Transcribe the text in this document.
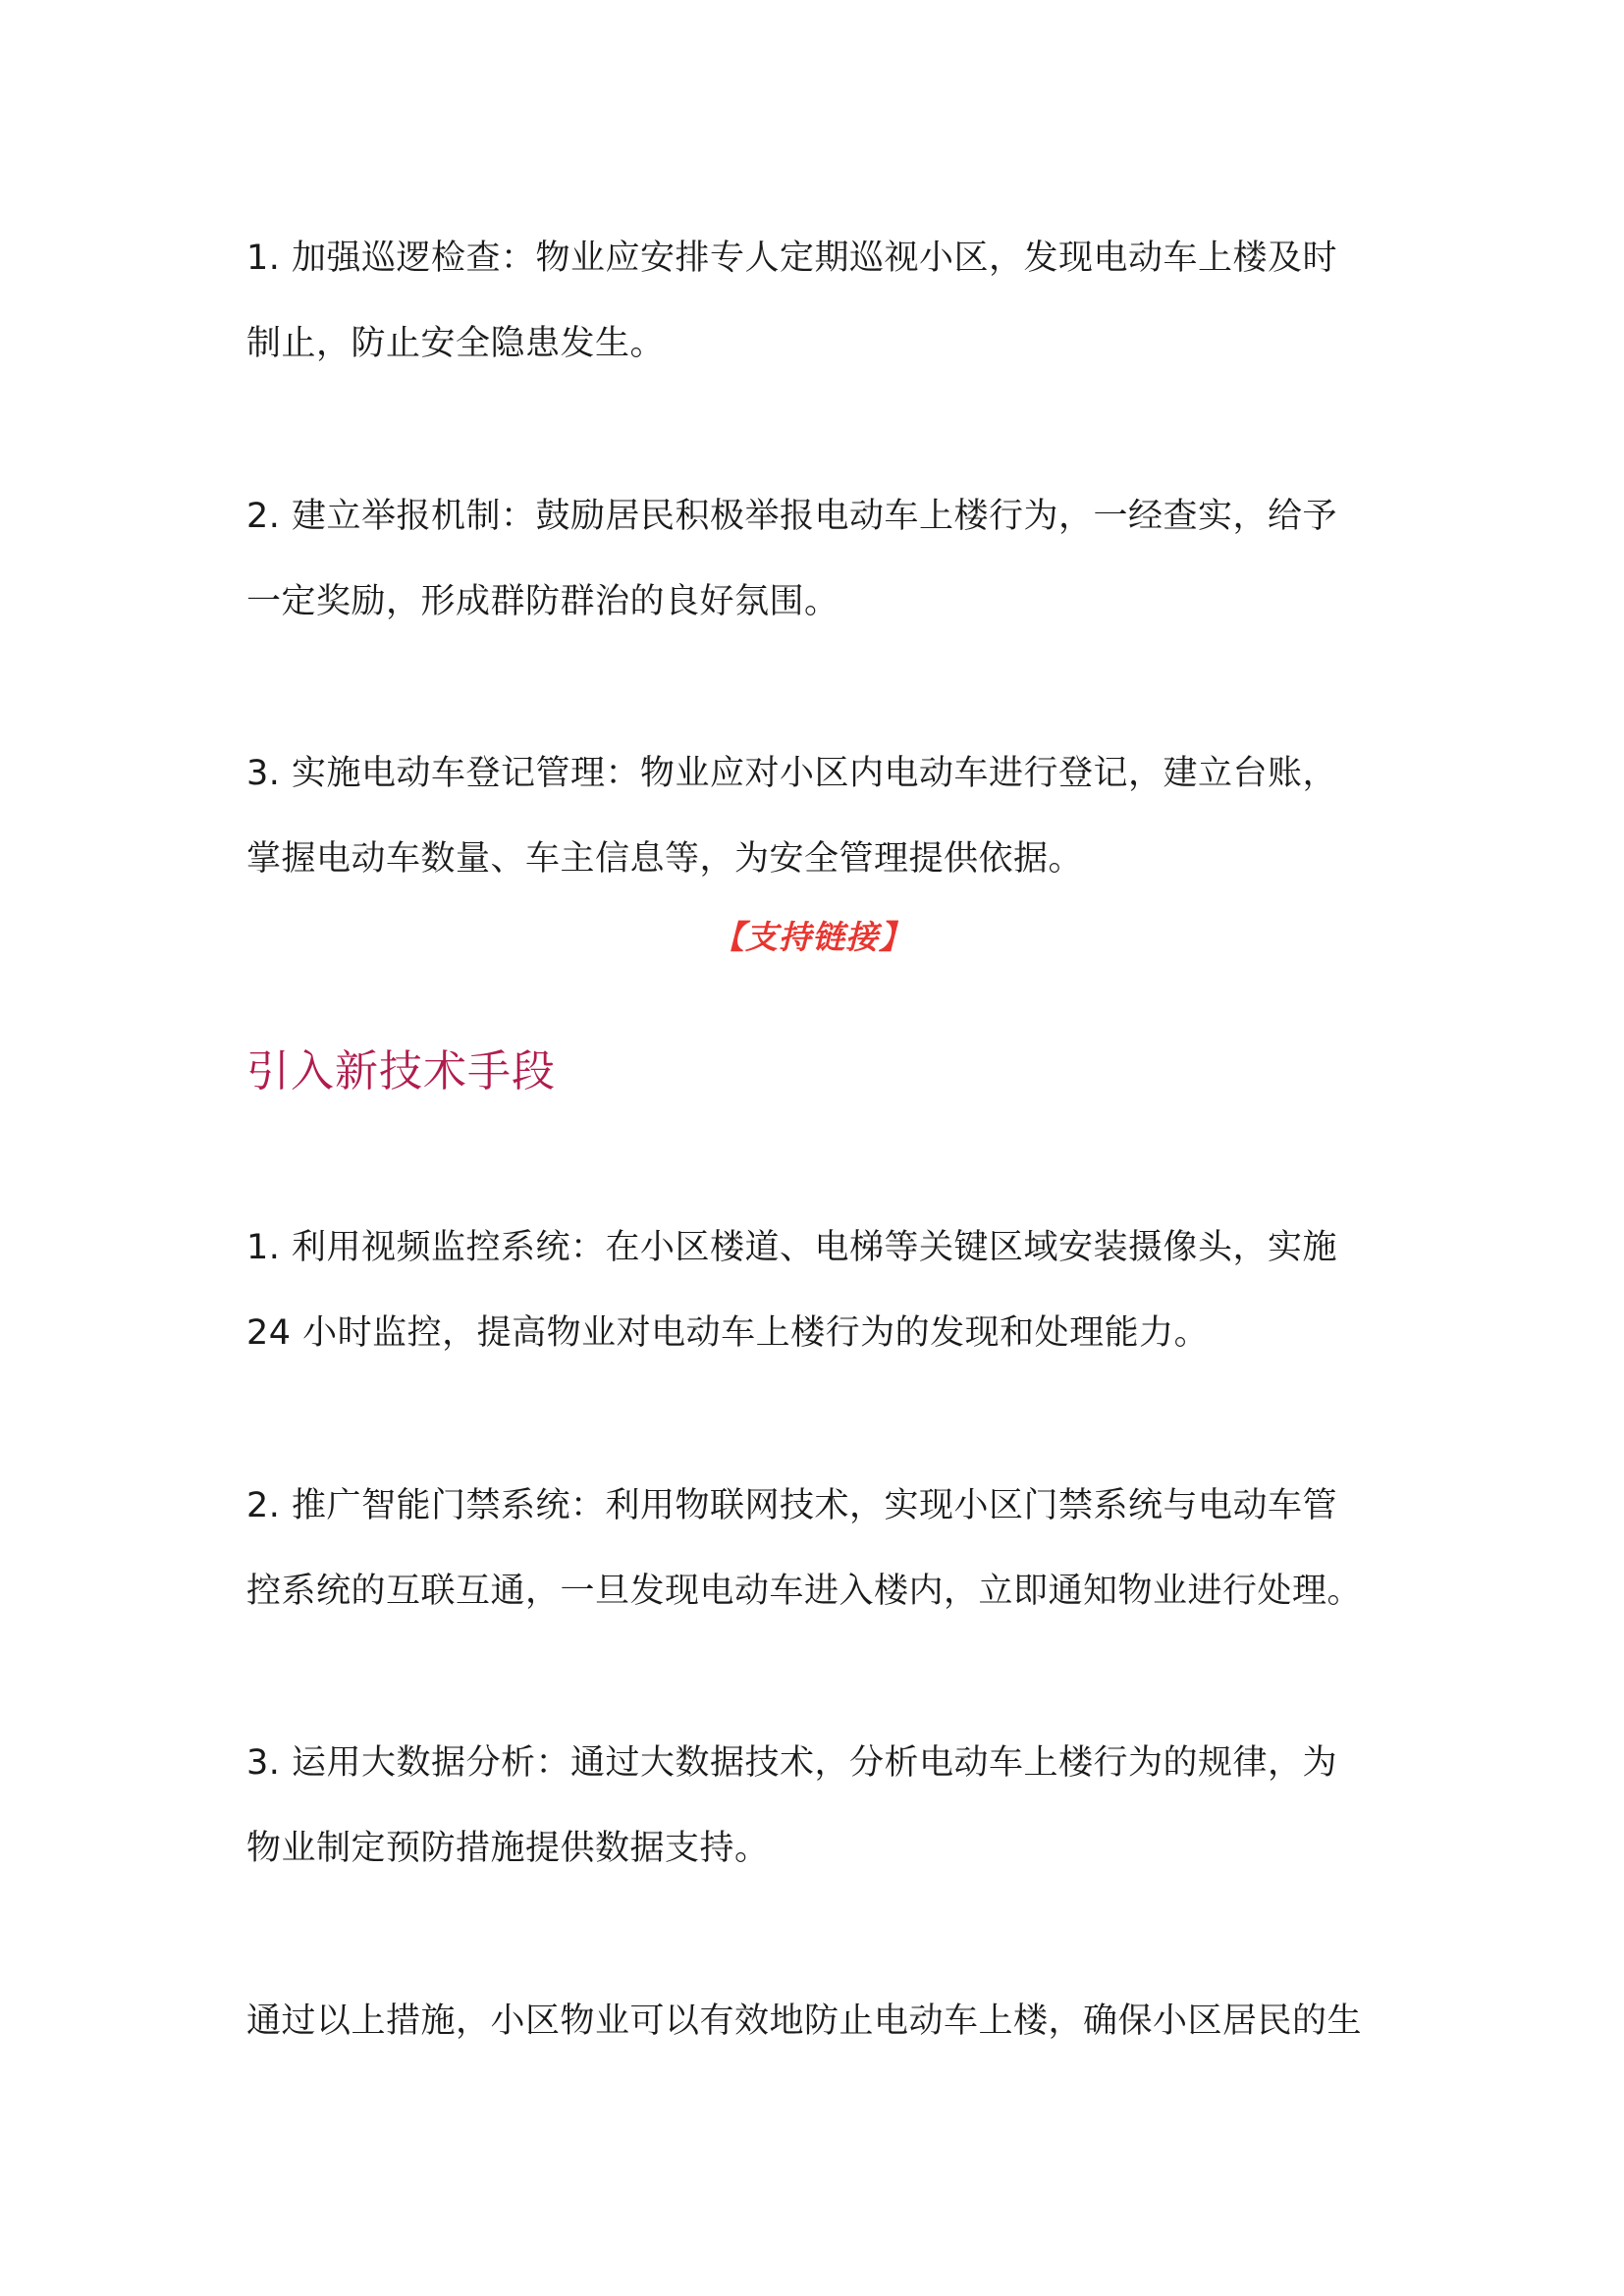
1. 加强巡逻检查：物业应安排专人定期巡视小区，发现电动车上楼及时
制止，防止安全隐患发生。

2. 建立举报机制：鼓励居民积极举报电动车上楼行为，一经查实，给予
一定奖励，形成群防群治的良好氛围。

3. 实施电动车登记管理：物业应对小区内电动车进行登记，建立台账，
掌握电动车数量、车主信息等，为安全管理提供依据。

【支持链接】
引入新技术手段

1. 利用视频监控系统：在小区楼道、电梯等关键区域安装摄像头，实施
24 小时监控，提高物业对电动车上楼行为的发现和处理能力。

2. 推广智能门禁系统：利用物联网技术，实现小区门禁系统与电动车管
控系统的互联互通，一旦发现电动车进入楼内，立即通知物业进行处理。

3. 运用大数据分析：通过大数据技术，分析电动车上楼行为的规律，为
物业制定预防措施提供数据支持。

通过以上措施，小区物业可以有效地防止电动车上楼，确保小区居民的生
